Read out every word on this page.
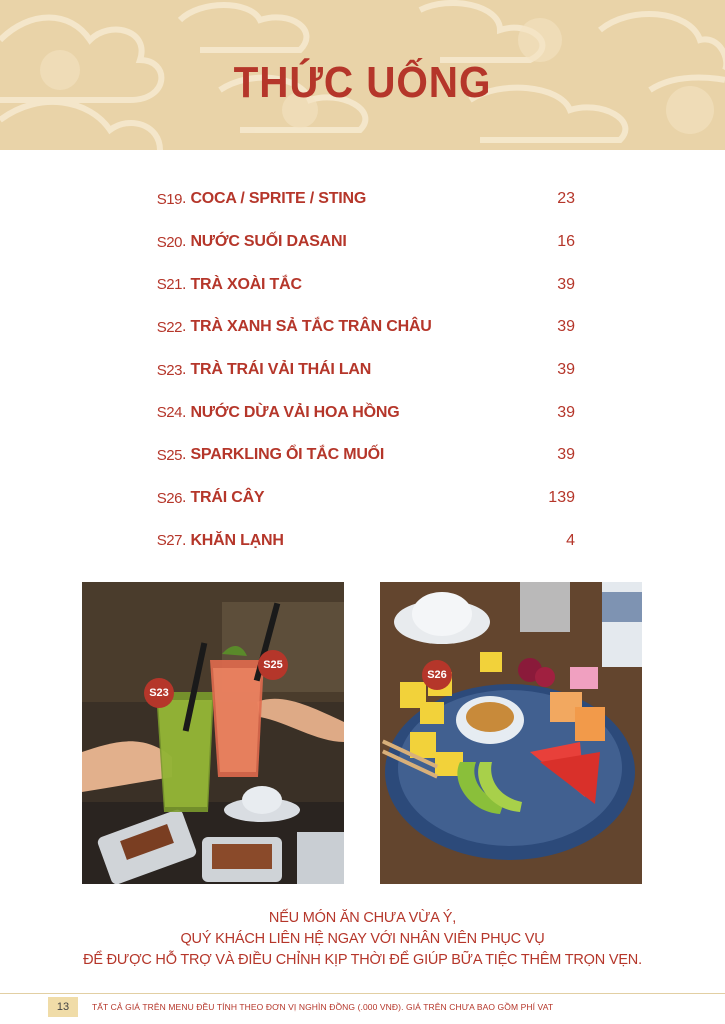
THỨC UỐNG
S19 . COCA / SPRITE / STING	23
S20 . NƯỚC SUỐI DASANI	16
S21 . TRÀ XOÀI TẮC	39
S22 . TRÀ XANH SẢ TẮC TRÂN CHÂU	39
S23 . TRÀ TRÁI VẢI THÁI LAN	39
S24 . NƯỚC DỪA VẢI HOA HỒNG	39
S25 . SPARKLING ỔI TẮC MUỐI	39
S26 . TRÁI CÂY	139
S27 . KHĂN LẠNH	4
S23
S25
S26
NẾU MÓN ĂN CHƯA VỪA Ý,
QUÝ KHÁCH LIÊN HỆ NGAY VỚI NHÂN VIÊN PHỤC VỤ
ĐỂ ĐƯỢC HỖ TRỢ VÀ ĐIỀU CHỈNH KỊP THỜI ĐỂ GIÚP BỮA TIỆC THÊM TRỌN VẸN.
13	TẤT CẢ GIÁ TRÊN MENU ĐỀU TÍNH THEO ĐƠN VỊ NGHÌN ĐỒNG (.000 VNĐ). GIÁ TRÊN CHƯA BAO GỒM PHÍ VAT
